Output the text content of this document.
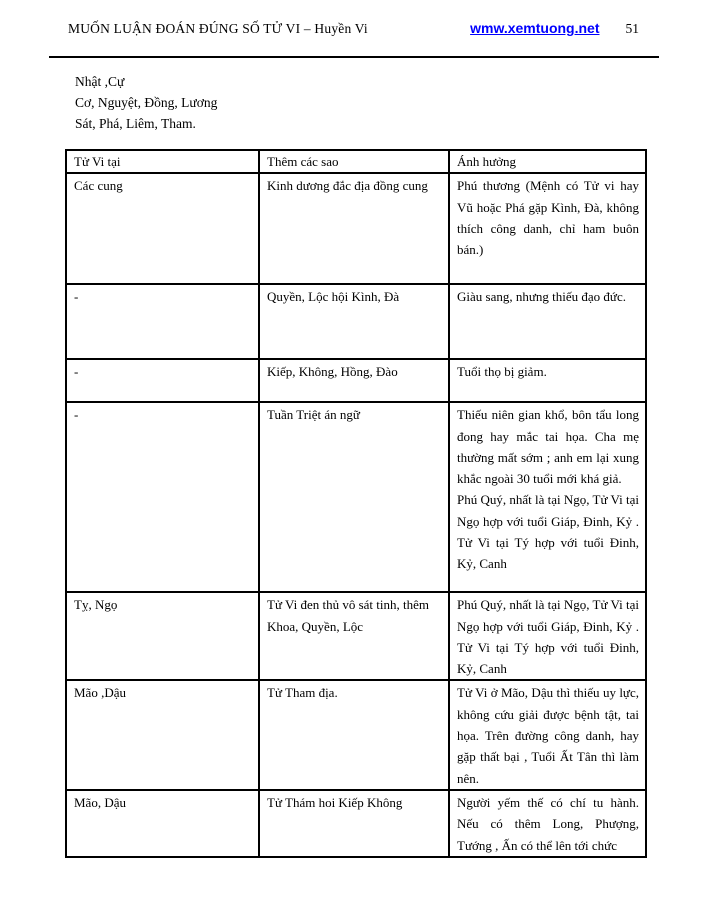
MUỐN LUẬN ĐOÁN ĐÚNG SỐ TỬ VI – Huyền Vi	wmw.xemtuong.net 51
Nhật ,Cự
Cơ, Nguyệt, Đồng, Lương
Sát, Phá, Liêm, Tham.
Tử Vi tại	Thêm các sao	Ánh hưởng
Các cung	Kinh dương đắc địa đồng cung	Phú thương (Mệnh có Tử vi hay Vũ hoặc Phá gặp Kình, Đà, không thích công danh, chỉ ham buôn bán.)

-	Quyền, Lộc hội Kình, Đà	Giàu sang, nhưng thiếu đạo đức.

-	Kiếp, Không, Hồng, Đào	Tuổi thọ bị giảm.

-	Tuần Triệt án ngữ	Thiếu niên gian khổ, bôn tẩu long đong hay mắc tai họa. Cha mẹ thường mất sớm ; anh em lại xung khắc ngoài 30 tuổi mới khá giả.
Phú Quý, nhất là tại Ngọ, Tử Vi tại Ngọ hợp với tuổi Giáp, Đinh, Kỷ . Tử Vi tại Tý hợp với tuổi Đinh, Kỷ, Canh

Tỵ, Ngọ	Tử Vi đen thủ vô sát tinh, thêm Khoa, Quyền, Lộc	Phú Quý, nhất là tại Ngọ, Tử Vi tại Ngọ hợp với tuổi Giáp, Đinh, Kỷ . Tử Vi tại Tý hợp với tuổi Đinh, Kỷ, Canh

Mão ,Dậu	Tử Tham địa.	Tử Vi ở Mão, Dậu thì thiếu uy lực, không cứu giải được bệnh tật, tai họa. Trên đường công danh, hay gặp thất bại , Tuổi Ất Tân thì làm nên.

Mão, Dậu	Tử Thám hoi Kiếp Không	Người yếm thế có chí tu hành. Nếu có thêm Long, Phượng, Tướng , Ấn có thể lên tới chức
